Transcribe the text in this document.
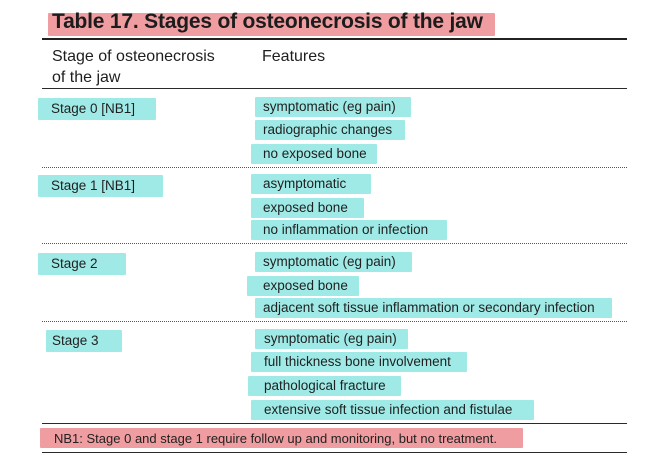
Table 17. Stages of osteonecrosis of the jaw
Stage of osteonecrosis
of the jaw
Features
Stage 0 [NB1]	symptomatic (eg pain)
radiographic changes
no exposed bone
Stage 1 [NB1]	asymptomatic
exposed bone
no inflammation or infection
Stage 2	symptomatic (eg pain)
exposed bone
adjacent soft tissue inflammation or secondary infection
Stage 3	symptomatic (eg pain)
full thickness bone involvement
pathological fracture
extensive soft tissue infection and fistulae
NB1: Stage 0 and stage 1 require follow up and monitoring, but no treatment.
